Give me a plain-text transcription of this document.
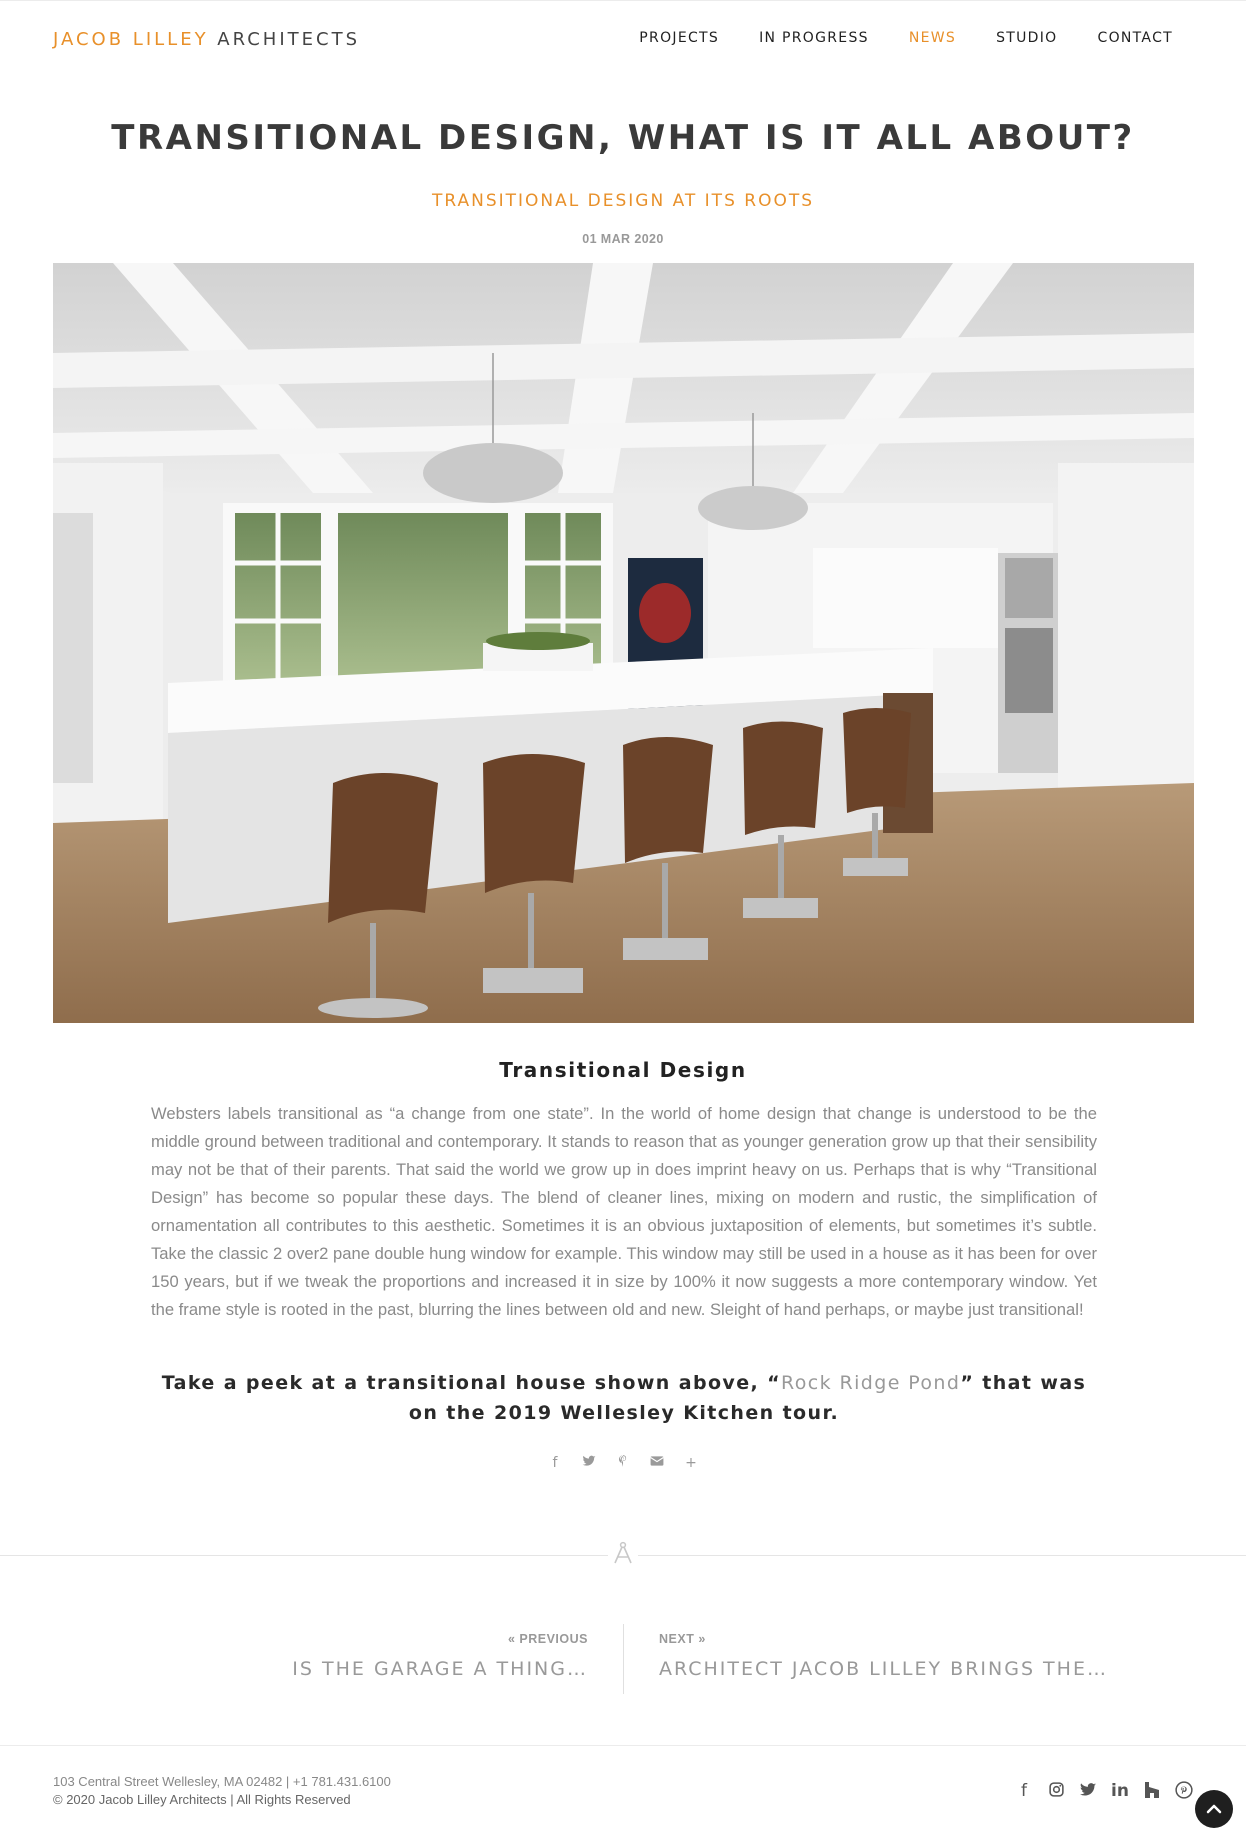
JACOB LILLEY ARCHITECTS	PROJECTS	IN PROGRESS	NEWS	STUDIO	CONTACT
TRANSITIONAL DESIGN, WHAT IS IT ALL ABOUT?
TRANSITIONAL DESIGN AT ITS ROOTS
01 MAR 2020
Transitional Design

Websters labels transitional as “a change from one state”. In the world of home design that change is understood to be the middle ground between traditional and contemporary. It stands to reason that as younger generation grow up that their sensibility may not be that of their parents. That said the world we grow up in does imprint heavy on us. Perhaps that is why “Transitional Design” has become so popular these days. The blend of cleaner lines, mixing on modern and rustic, the simplification of ornamentation all contributes to this aesthetic. Sometimes it is an obvious juxtaposition of elements, but sometimes it’s subtle. Take the classic 2 over2 pane double hung window for example. This window may still be used in a house as it has been for over 150 years, but if we tweak the proportions and increased it in size by 100% it now suggests a more contemporary window. Yet the frame style is rooted in the past, blurring the lines between old and new. Sleight of hand perhaps, or maybe just transitional!

Take a peek at a transitional house shown above, “Rock Ridge Pond” that was on the 2019 Wellesley Kitchen tour.

f	+
« PREVIOUS
IS THE GARAGE A THING…
NEXT »
ARCHITECT JACOB LILLEY BRINGS THE…
103 Central Street Wellesley, MA 02482 | +1 781.431.6100
© 2020 Jacob Lilley Architects | All Rights Reserved	f	in
